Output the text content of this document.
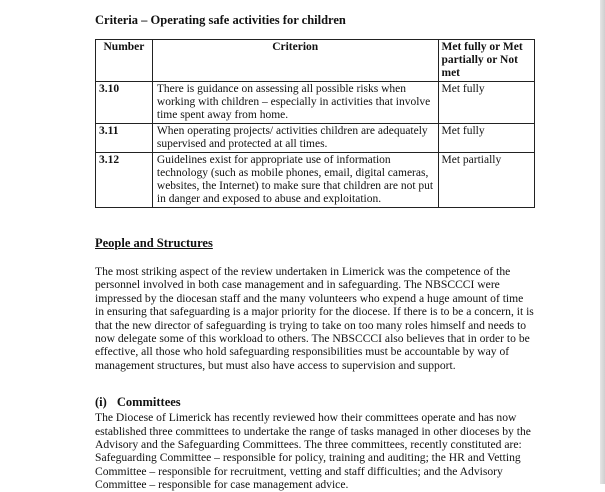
Criteria – Operating safe activities for children
Number	Criterion	Met fully or Met partially or Not met
3.10	There is guidance on assessing all possible risks when working with children – especially in activities that involve time spent away from home.	Met fully
3.11	When operating projects/ activities children are adequately supervised and protected at all times.	Met fully
3.12	Guidelines exist for appropriate use of information technology (such as mobile phones, email, digital cameras, websites, the Internet) to make sure that children are not put in danger and exposed to abuse and exploitation.	Met partially
People and Structures

The most striking aspect of the review undertaken in Limerick was the competence of the personnel involved in both case management and in safeguarding. The NBSCCCI were impressed by the diocesan staff and the many volunteers who expend a huge amount of time in ensuring that safeguarding is a major priority for the diocese. If there is to be a concern, it is that the new director of safeguarding is trying to take on too many roles himself and needs to now delegate some of this workload to others. The NBSCCCI also believes that in order to be effective, all those who hold safeguarding responsibilities must be accountable by way of management structures, but must also have access to supervision and support.

(i) Committees

The Diocese of Limerick has recently reviewed how their committees operate and has now established three committees to undertake the range of tasks managed in other dioceses by the Advisory and the Safeguarding Committees. The three committees, recently constituted are: Safeguarding Committee – responsible for policy, training and auditing; the HR and Vetting Committee – responsible for recruitment, vetting and staff difficulties; and the Advisory Committee – responsible for case management advice.
